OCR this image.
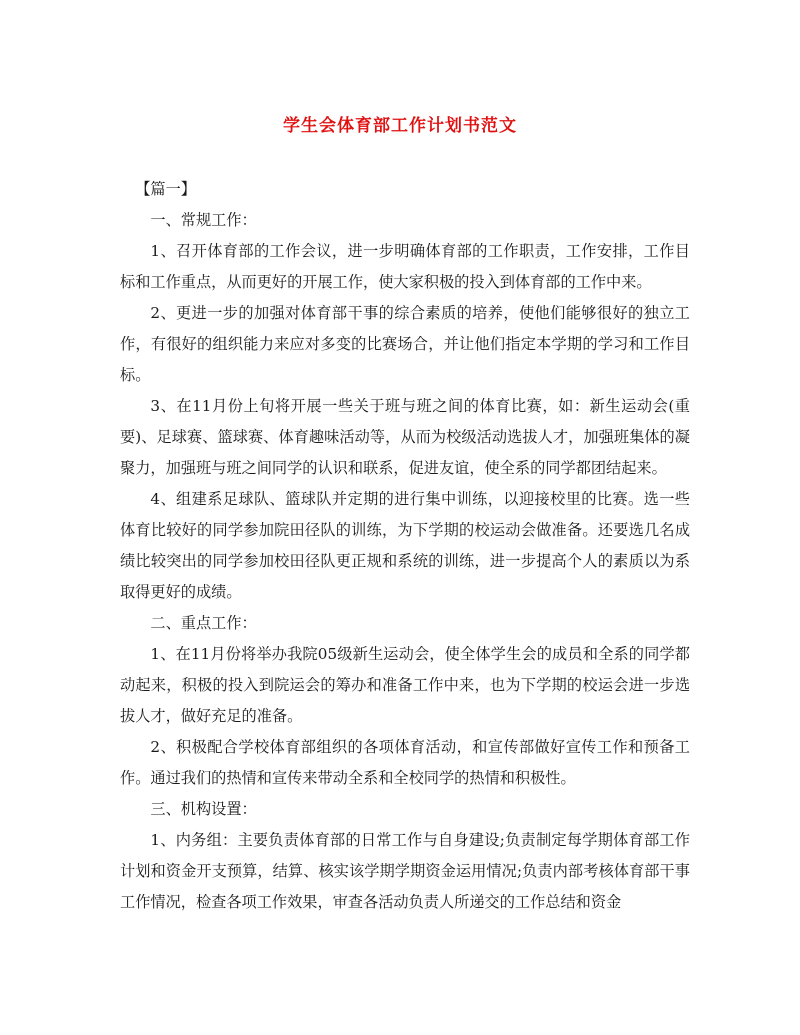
学生会体育部工作计划书范文

【篇一】

一、常规工作：

1、召开体育部的工作会议，进一步明确体育部的工作职责，工作安排，工作目标和工作重点，从而更好的开展工作，使大家积极的投入到体育部的工作中来。

2、更进一步的加强对体育部干事的综合素质的培养，使他们能够很好的独立工作，有很好的组织能力来应对多变的比赛场合，并让他们指定本学期的学习和工作目标。

3、在11月份上旬将开展一些关于班与班之间的体育比赛，如：新生运动会(重要)、足球赛、篮球赛、体育趣味活动等，从而为校级活动选拔人才，加强班集体的凝聚力，加强班与班之间同学的认识和联系，促进友谊，使全系的同学都团结起来。

4、组建系足球队、篮球队并定期的进行集中训练，以迎接校里的比赛。选一些体育比较好的同学参加院田径队的训练，为下学期的校运动会做准备。还要选几名成绩比较突出的同学参加校田径队更正规和系统的训练，进一步提高个人的素质以为系取得更好的成绩。

二、重点工作：

1、在11月份将举办我院05级新生运动会，使全体学生会的成员和全系的同学都动起来，积极的投入到院运会的筹办和准备工作中来，也为下学期的校运会进一步选拔人才，做好充足的准备。

2、积极配合学校体育部组织的各项体育活动，和宣传部做好宣传工作和预备工作。通过我们的热情和宣传来带动全系和全校同学的热情和积极性。

三、机构设置：

1、内务组：主要负责体育部的日常工作与自身建设;负责制定每学期体育部工作计划和资金开支预算，结算、核实该学期学期资金运用情况;负责内部考核体育部干事工作情况，检查各项工作效果，审查各活动负责人所递交的工作总结和资金
